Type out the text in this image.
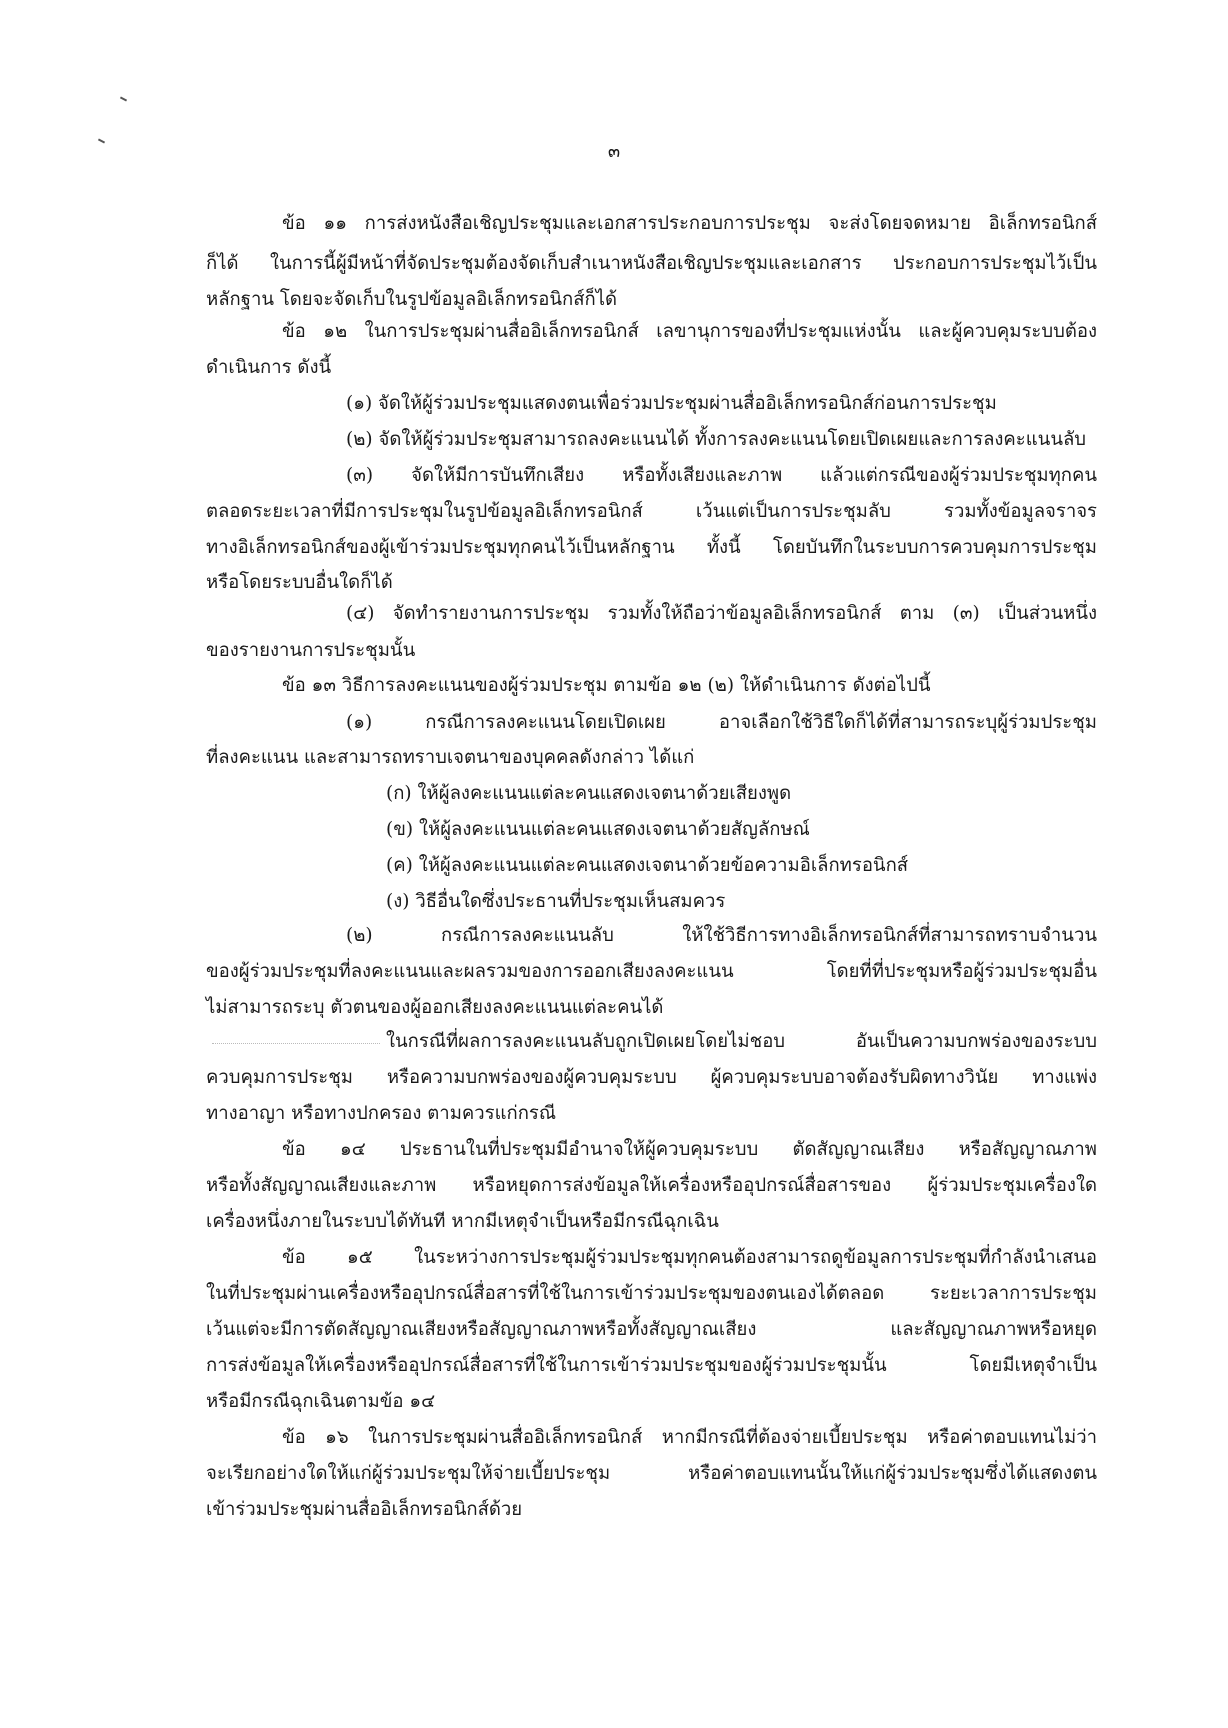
๓
ข้อ ๑๑ การส่งหนังสือเชิญประชุมและเอกสารประกอบการประชุม จะส่งโดยจดหมาย อิเล็กทรอนิกส์
ก็ได้ ในการนี้ผู้มีหน้าที่จัดประชุมต้องจัดเก็บสำเนาหนังสือเชิญประชุมและเอกสาร ประกอบการประชุมไว้เป็น
หลักฐาน โดยจะจัดเก็บในรูปข้อมูลอิเล็กทรอนิกส์ก็ได้
ข้อ ๑๒ ในการประชุมผ่านสื่ออิเล็กทรอนิกส์ เลขานุการของที่ประชุมแห่งนั้น และผู้ควบคุมระบบต้อง
ดำเนินการ ดังนี้
(๑) จัดให้ผู้ร่วมประชุมแสดงตนเพื่อร่วมประชุมผ่านสื่ออิเล็กทรอนิกส์ก่อนการประชุม
(๒) จัดให้ผู้ร่วมประชุมสามารถลงคะแนนได้ ทั้งการลงคะแนนโดยเปิดเผยและการลงคะแนนลับ
(๓) จัดให้มีการบันทึกเสียง หรือทั้งเสียงและภาพ แล้วแต่กรณีของผู้ร่วมประชุมทุกคน
ตลอดระยะเวลาที่มีการประชุมในรูปข้อมูลอิเล็กทรอนิกส์ เว้นแต่เป็นการประชุมลับ รวมทั้งข้อมูลจราจร
ทางอิเล็กทรอนิกส์ของผู้เข้าร่วมประชุมทุกคนไว้เป็นหลักฐาน ทั้งนี้ โดยบันทึกในระบบการควบคุมการประชุม
หรือโดยระบบอื่นใดก็ได้
(๔) จัดทำรายงานการประชุม รวมทั้งให้ถือว่าข้อมูลอิเล็กทรอนิกส์ ตาม (๓) เป็นส่วนหนึ่ง
ของรายงานการประชุมนั้น
ข้อ ๑๓ วิธีการลงคะแนนของผู้ร่วมประชุม ตามข้อ ๑๒ (๒) ให้ดำเนินการ ดังต่อไปนี้
(๑) กรณีการลงคะแนนโดยเปิดเผย อาจเลือกใช้วิธีใดก็ได้ที่สามารถระบุผู้ร่วมประชุม
ที่ลงคะแนน และสามารถทราบเจตนาของบุคคลดังกล่าว ได้แก่
(ก) ให้ผู้ลงคะแนนแต่ละคนแสดงเจตนาด้วยเสียงพูด
(ข) ให้ผู้ลงคะแนนแต่ละคนแสดงเจตนาด้วยสัญลักษณ์
(ค) ให้ผู้ลงคะแนนแต่ละคนแสดงเจตนาด้วยข้อความอิเล็กทรอนิกส์
(ง) วิธีอื่นใดซึ่งประธานที่ประชุมเห็นสมควร
(๒) กรณีการลงคะแนนลับ ให้ใช้วิธีการทางอิเล็กทรอนิกส์ที่สามารถทราบจำนวน
ของผู้ร่วมประชุมที่ลงคะแนนและผลรวมของการออกเสียงลงคะแนน โดยที่ที่ประชุมหรือผู้ร่วมประชุมอื่น
ไม่สามารถระบุ ตัวตนของผู้ออกเสียงลงคะแนนแต่ละคนได้
ในกรณีที่ผลการลงคะแนนลับถูกเปิดเผยโดยไม่ชอบ อันเป็นความบกพร่องของระบบ
ควบคุมการประชุม หรือความบกพร่องของผู้ควบคุมระบบ ผู้ควบคุมระบบอาจต้องรับผิดทางวินัย ทางแพ่ง
ทางอาญา หรือทางปกครอง ตามควรแก่กรณี
ข้อ ๑๔ ประธานในที่ประชุมมีอำนาจให้ผู้ควบคุมระบบ ตัดสัญญาณเสียง หรือสัญญาณภาพ
หรือทั้งสัญญาณเสียงและภาพ หรือหยุดการส่งข้อมูลให้เครื่องหรืออุปกรณ์สื่อสารของ ผู้ร่วมประชุมเครื่องใด
เครื่องหนึ่งภายในระบบได้ทันที หากมีเหตุจำเป็นหรือมีกรณีฉุกเฉิน
ข้อ ๑๕ ในระหว่างการประชุมผู้ร่วมประชุมทุกคนต้องสามารถดูข้อมูลการประชุมที่กำลังนำเสนอ
ในที่ประชุมผ่านเครื่องหรืออุปกรณ์สื่อสารที่ใช้ในการเข้าร่วมประชุมของตนเองได้ตลอด ระยะเวลาการประชุม
เว้นแต่จะมีการตัดสัญญาณเสียงหรือสัญญาณภาพหรือทั้งสัญญาณเสียง และสัญญาณภาพหรือหยุด
การส่งข้อมูลให้เครื่องหรืออุปกรณ์สื่อสารที่ใช้ในการเข้าร่วมประชุมของผู้ร่วมประชุมนั้น โดยมีเหตุจำเป็น
หรือมีกรณีฉุกเฉินตามข้อ ๑๔
ข้อ ๑๖ ในการประชุมผ่านสื่ออิเล็กทรอนิกส์ หากมีกรณีที่ต้องจ่ายเบี้ยประชุม หรือค่าตอบแทนไม่ว่า
จะเรียกอย่างใดให้แก่ผู้ร่วมประชุมให้จ่ายเบี้ยประชุม หรือค่าตอบแทนนั้นให้แก่ผู้ร่วมประชุมซึ่งได้แสดงตน
เข้าร่วมประชุมผ่านสื่ออิเล็กทรอนิกส์ด้วย
